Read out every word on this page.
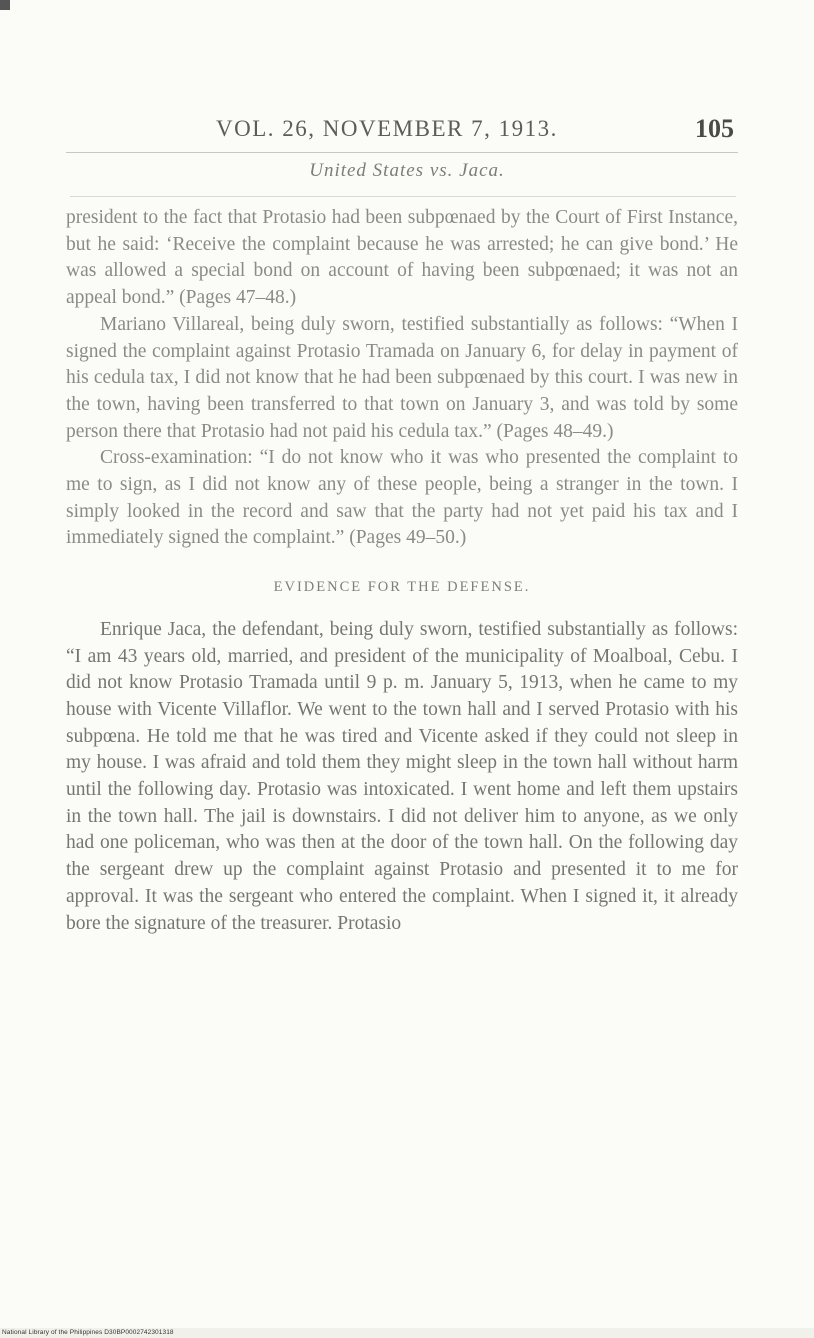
VOL. 26, NOVEMBER 7, 1913.	105
United States vs. Jaca.

president to the fact that Protasio had been subpœnaed by the Court of First Instance, but he said: ‘Receive the complaint because he was arrested; he can give bond.’ He was allowed a special bond on account of having been subpœnaed; it was not an appeal bond.” (Pages 47–48.)

Mariano Villareal, being duly sworn, testified substantially as follows: “When I signed the complaint against Protasio Tramada on January 6, for delay in payment of his cedula tax, I did not know that he had been subpœnaed by this court. I was new in the town, having been transferred to that town on January 3, and was told by some person there that Protasio had not paid his cedula tax.” (Pages 48–49.)

Cross-examination: “I do not know who it was who presented the complaint to me to sign, as I did not know any of these people, being a stranger in the town. I simply looked in the record and saw that the party had not yet paid his tax and I immediately signed the complaint.” (Pages 49–50.)

EVIDENCE FOR THE DEFENSE.

Enrique Jaca, the defendant, being duly sworn, testified substantially as follows: “I am 43 years old, married, and president of the municipality of Moalboal, Cebu. I did not know Protasio Tramada until 9 p. m. January 5, 1913, when he came to my house with Vicente Villaflor. We went to the town hall and I served Protasio with his subpœna. He told me that he was tired and Vicente asked if they could not sleep in my house. I was afraid and told them they might sleep in the town hall without harm until the following day. Protasio was intoxicated. I went home and left them upstairs in the town hall. The jail is downstairs. I did not deliver him to anyone, as we only had one policeman, who was then at the door of the town hall. On the following day the sergeant drew up the complaint against Protasio and presented it to me for approval. It was the sergeant who entered the complaint. When I signed it, it already bore the signature of the treasurer. Protasio

National Library of the Philippines D30BP0002742301318
